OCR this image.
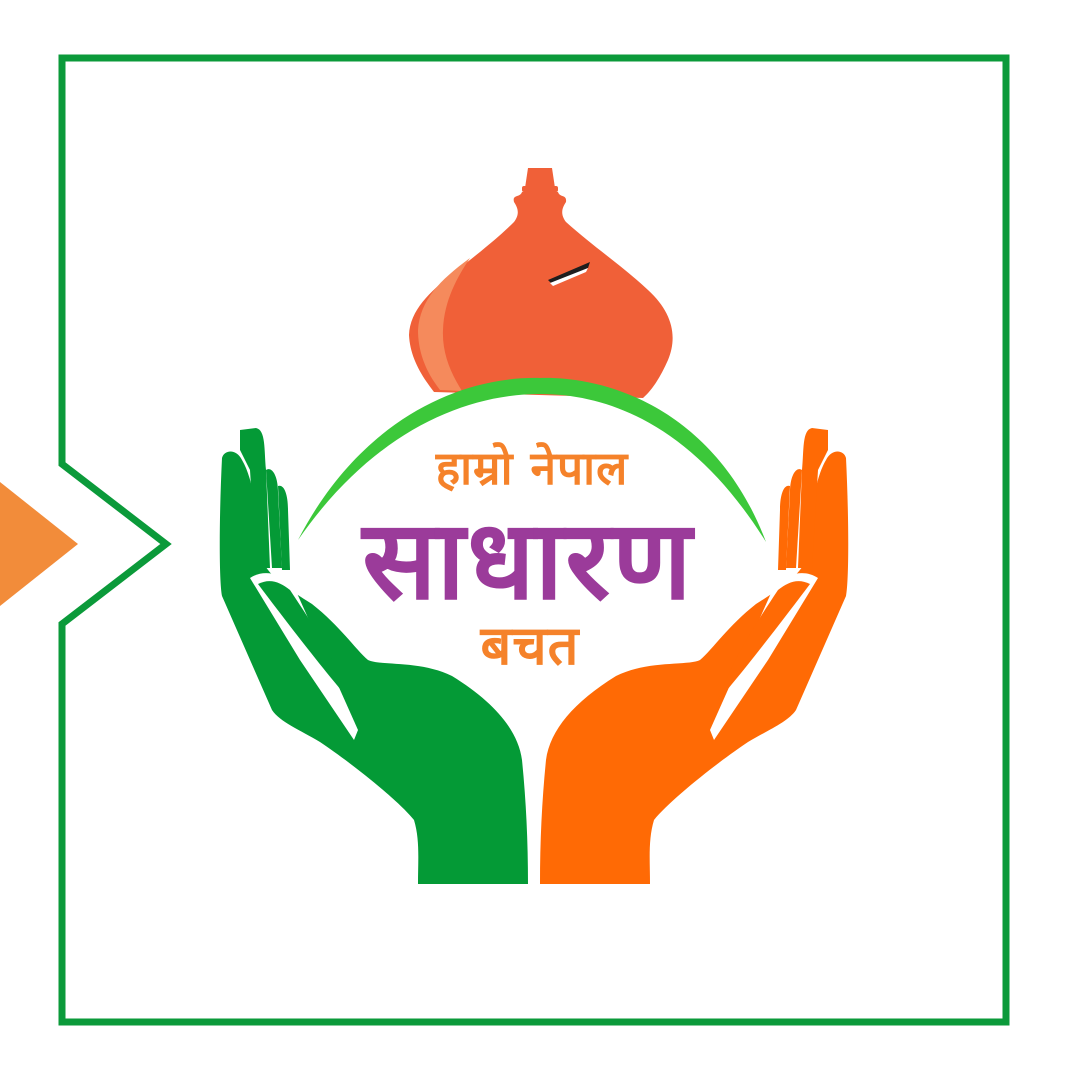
हाम्रो नेपाल
साधारण
बचत
